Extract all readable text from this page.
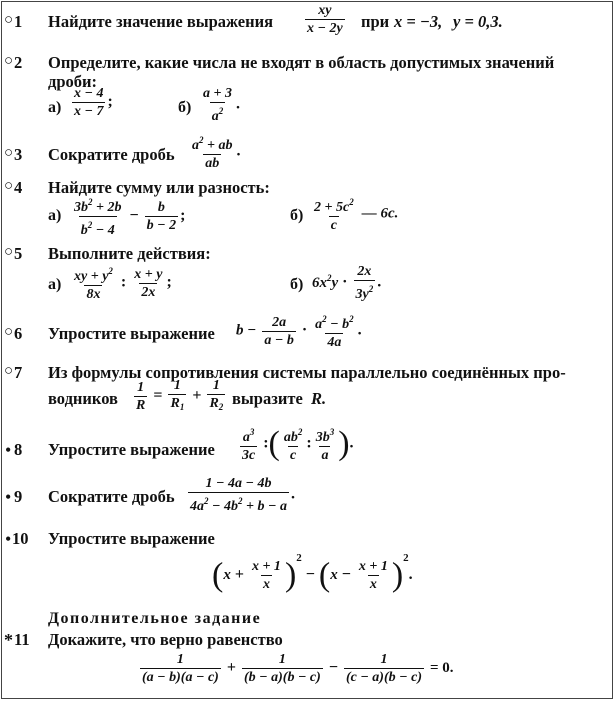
○ 1 Найдите значение выражения $\frac{xy}{x - 2y}$ при x = −3, y = 0,3.
○ 2 Определите, какие числа не входят в область допустимых значений
дроби:
$а) \frac{x - 4}{x - 7}$ ;	$б) \frac{a + 3}{a^2}$ .
○ 3 Сократите дробь $\frac{a^2 + ab}{ab}$ .
○ 4 Найдите сумму или разность:
$а) \frac{3b^2 + 2b}{b^2 - 4} - \frac{b}{b - 2}$ ;	$б) \frac{2 + 5c^2}{c}$ — 6c.
○ 5 Выполните действия:
$а) \frac{xy + y^2}{8x}$ : $\frac{x + y}{2x}$ ;	б) $6x^2y \cdot \frac{2x}{3y^2}$ .
○ 6 Упростите выражение $b - \frac{2a}{a - b} \cdot \frac{a^2 - b^2}{4a}$ .
○ 7 Из формулы сопротивления системы параллельно соединённых про-
водников $\frac{1}{R} = \frac{1}{R_1} + \frac{1}{R_2}$ выразите R.
• 8 Упростите выражение $\frac{a^3}{3c}$ :( $\frac{ab^2}{c}$ : $\frac{3b^3}{a}$ ).
• 9 Сократите дробь $\frac{1 - 4a - 4b}{4a^2 - 4b^2 + b - a}$ .
• 10 Упростите выражение
$(x + \frac{x + 1}{x} )^2 - (x - \frac{x + 1}{x} )^2$.
Дополнительное задание
* 11 Докажите, что верно равенство
$\frac{1}{(a - b)(a - c)} + \frac{1}{(b - a)(b - c)} - \frac{1}{(c - a)(b - c)} = 0$.
